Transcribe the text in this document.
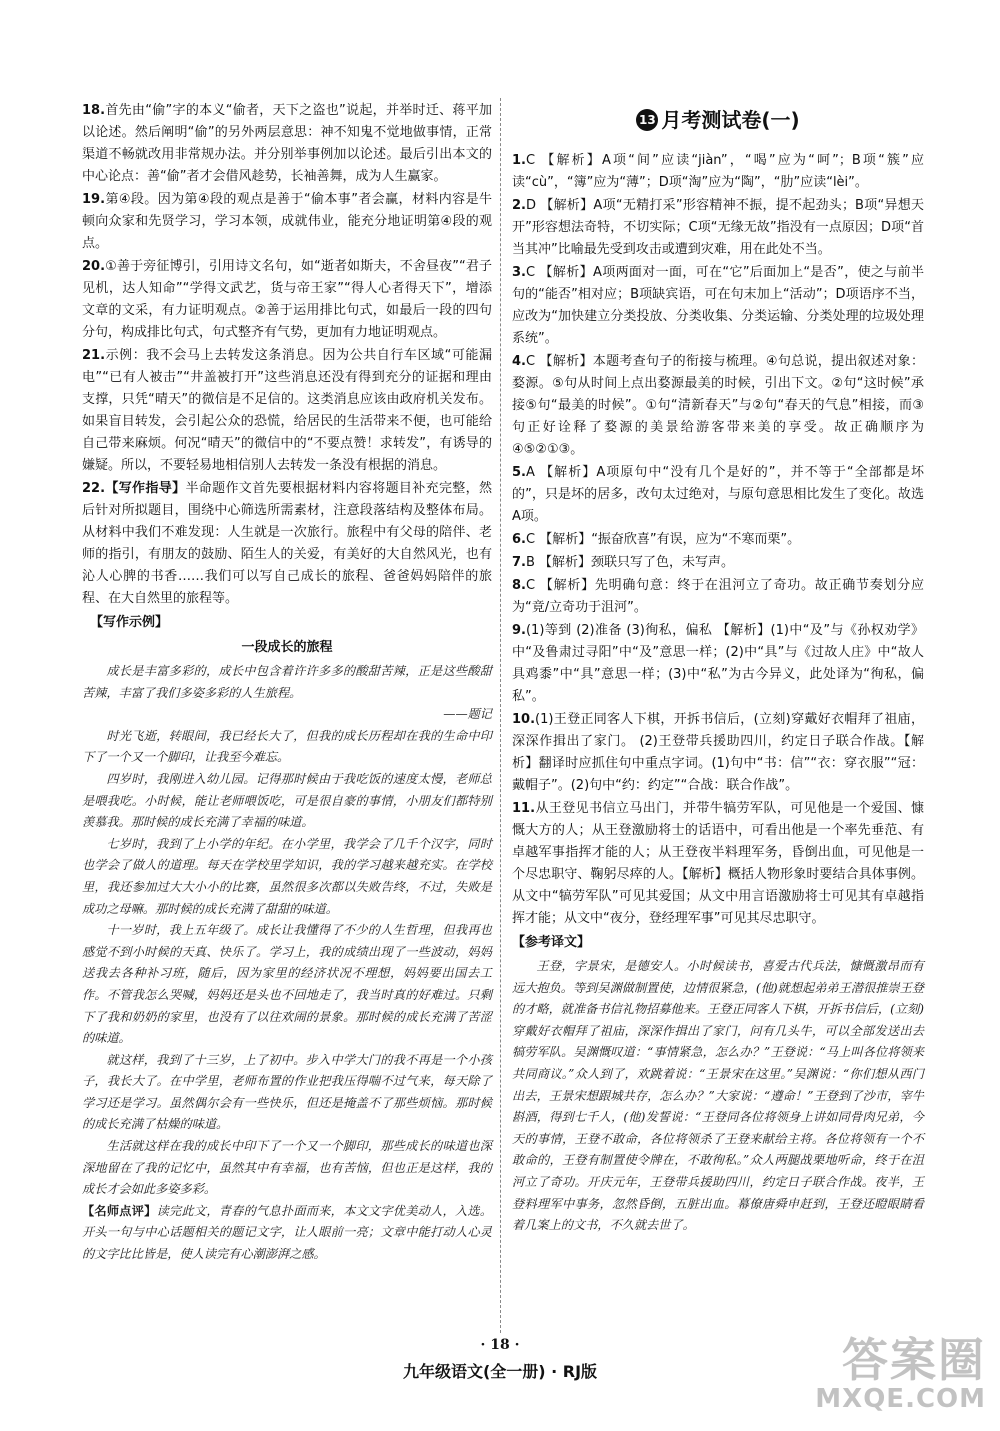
18.首先由“偷”字的本义“偷者，天下之盗也”说起，并举时迁、蒋平加以论述。然后阐明“偷”的另外两层意思：神不知鬼不觉地做事情，正常渠道不畅就改用非常规办法。并分别举事例加以论述。最后引出本文的中心论点：善“偷”者才会借风趁势，长袖善舞，成为人生赢家。

19.第④段。因为第④段的观点是善于“偷本事”者会赢，材料内容是牛顿向众家和先贤学习，学习本领，成就伟业，能充分地证明第④段的观点。

20.①善于旁征博引，引用诗文名句，如“逝者如斯夫，不舍昼夜”“君子见机，达人知命”“学得文武艺，货与帝王家”“得人心者得天下”，增添文章的文采，有力证明观点。②善于运用排比句式，如最后一段的四句分句，构成排比句式，句式整齐有气势，更加有力地证明观点。

21.示例：我不会马上去转发这条消息。因为公共自行车区域“可能漏电”“已有人被击”“井盖被打开”这些消息还没有得到充分的证据和理由支撑，只凭“晴天”的微信是不足信的。这类消息应该由政府机关发布。如果盲目转发，会引起公众的恐慌，给居民的生活带来不便，也可能给自己带来麻烦。何况“晴天”的微信中的“不要点赞！求转发”，有诱导的嫌疑。所以，不要轻易地相信别人去转发一条没有根据的消息。

22.【写作指导】半命题作文首先要根据材料内容将题目补充完整，然后针对所拟题目，围绕中心筛选所需素材，注意段落结构及整体布局。从材料中我们不难发现：人生就是一次旅行。旅程中有父母的陪伴、老师的指引，有朋友的鼓励、陌生人的关爱，有美好的大自然风光，也有沁人心脾的书香……我们可以写自己成长的旅程、爸爸妈妈陪伴的旅程、在大自然里的旅程等。

【写作示例】

一段成长的旅程

成长是丰富多彩的，成长中包含着许许多多的酸甜苦辣，正是这些酸甜苦辣，丰富了我们多姿多彩的人生旅程。

——题记

时光飞逝，转眼间，我已经长大了，但我的成长历程却在我的生命中印下了一个又一个脚印，让我至今难忘。

四岁时，我刚进入幼儿园。记得那时候由于我吃饭的速度太慢，老师总是喂我吃。小时候，能让老师喂饭吃，可是很自豪的事情，小朋友们都特别羡慕我。那时候的成长充满了幸福的味道。

七岁时，我到了上小学的年纪。在小学里，我学会了几千个汉字，同时也学会了做人的道理。每天在学校里学知识，我的学习越来越充实。在学校里，我还参加过大大小小的比赛，虽然很多次都以失败告终，不过，失败是成功之母嘛。那时候的成长充满了甜甜的味道。

十一岁时，我上五年级了。成长让我懂得了不少的人生哲理，但我再也感觉不到小时候的天真、快乐了。学习上，我的成绩出现了一些波动，妈妈送我去各种补习班，随后，因为家里的经济状况不理想，妈妈要出国去工作。不管我怎么哭喊，妈妈还是头也不回地走了，我当时真的好难过。只剩下了我和奶奶的家里，也没有了以往欢闹的景象。那时候的成长充满了苦涩的味道。

就这样，我到了十三岁，上了初中。步入中学大门的我不再是一个小孩子，我长大了。在中学里，老师布置的作业把我压得喘不过气来，每天除了学习还是学习。虽然偶尔会有一些快乐，但还是掩盖不了那些烦恼。那时候的成长充满了枯燥的味道。

生活就这样在我的成长中印下了一个又一个脚印，那些成长的味道也深深地留在了我的记忆中，虽然其中有幸福，也有苦恼，但也正是这样，我的成长才会如此多姿多彩。

【名师点评】读完此文，青春的气息扑面而来，本文文字优美动人，入选。开头一句与中心话题相关的题记文字，让人眼前一亮；文章中能打动人心灵的文字比比皆是，使人读完有心潮澎湃之感。

13 月考测试卷(一)

1.C 【解析】A项“间”应读“jiàn”，“喝”应为“呵”；B项“簇”应读“cù”，“簿”应为“薄”；D项“淘”应为“陶”，“肋”应读“lèi”。

2.D 【解析】A项“无精打采”形容精神不振，提不起劲头；B项“异想天开”形容想法奇特，不切实际；C项“无缘无故”指没有一点原因；D项“首当其冲”比喻最先受到攻击或遭到灾难，用在此处不当。

3.C 【解析】A项两面对一面，可在“它”后面加上“是否”，使之与前半句的“能否”相对应；B项缺宾语，可在句末加上“活动”；D项语序不当，应改为“加快建立分类投放、分类收集、分类运输、分类处理的垃圾处理系统”。

4.C 【解析】本题考查句子的衔接与梳理。④句总说，提出叙述对象：婺源。⑤句从时间上点出婺源最美的时候，引出下文。②句“这时候”承接⑤句“最美的时候”。①句“清新春天”与②句“春天的气息”相接，而③句正好诠释了婺源的美景给游客带来美的享受。故正确顺序为④⑤②①③。

5.A 【解析】A项原句中“没有几个是好的”，并不等于“全部都是坏的”，只是坏的居多，改句太过绝对，与原句意思相比发生了变化。故选A项。

6.C 【解析】“振奋欣喜”有误，应为“不寒而栗”。

7.B 【解析】颈联只写了色，未写声。

8.C 【解析】先明确句意：终于在沮河立了奇功。故正确节奏划分应为“竟/立奇功于沮河”。

9.(1)等到 (2)准备 (3)徇私，偏私 【解析】(1)中“及”与《孙权劝学》中“及鲁肃过寻阳”中“及”意思一样；(2)中“具”与《过故人庄》中“故人具鸡黍”中“具”意思一样；(3)中“私”为古今异义，此处译为“徇私，偏私”。

10.(1)王登正同客人下棋，开拆书信后，(立刻)穿戴好衣帽拜了祖庙，深深作揖出了家门。 (2)王登带兵援助四川，约定日子联合作战。【解析】翻译时应抓住句中重点字词。(1)句中“书：信”“衣：穿衣服”“冠：戴帽子”。(2)句中“约：约定”“合战：联合作战”。

11.从王登见书信立马出门，并带牛犒劳军队，可见他是一个爱国、慷慨大方的人；从王登激励将士的话语中，可看出他是一个率先垂范、有卓越军事指挥才能的人；从王登夜半料理军务，昏倒出血，可见他是一个尽忠职守、鞠躬尽瘁的人。【解析】概括人物形象时要结合具体事例。从文中“犒劳军队”可见其爱国；从文中用言语激励将士可见其有卓越指挥才能；从文中“夜分，登经理军事”可见其尽忠职守。

【参考译文】

王登，字景宋，是德安人。小时候读书，喜爱古代兵法，慷慨激昂而有远大抱负。等到吴渊做制置使，边情很紧急，(他)就想起弟弟王潜很推崇王登的才略，就准备书信礼物招募他来。王登正同客人下棋，开拆书信后，(立刻)穿戴好衣帽拜了祖庙，深深作揖出了家门，问有几头牛，可以全部发送出去犒劳军队。吴渊慨叹道：“事情紧急，怎么办？”王登说：“马上叫各位将领来共同商议。”众人到了，欢跳着说：“王景宋在这里。”吴渊说：“你们想从西门出去，王景宋想跟城共存，怎么办？”大家说：“遵命！”王登到了沙市，宰牛斟酒，得到七千人，(他)发誓说：“王登同各位将领身上讲如同骨肉兄弟，今天的事情，王登不敢命，各位将领杀了王登来献给主将。各位将领有一个不敢命的，王登有制置使令牌在，不敢徇私。”众人两腿战栗地听命，终于在沮河立了奇功。开庆元年，王登带兵援助四川，约定日子联合作战。夜半，王登料理军中事务，忽然昏倒，五脏出血。幕僚唐舜申赶到，王登还瞪眼睛看着几案上的文书，不久就去世了。

· 18 ·
九年级语文(全一册) · RJ版	答案圈
MXQE.COM
